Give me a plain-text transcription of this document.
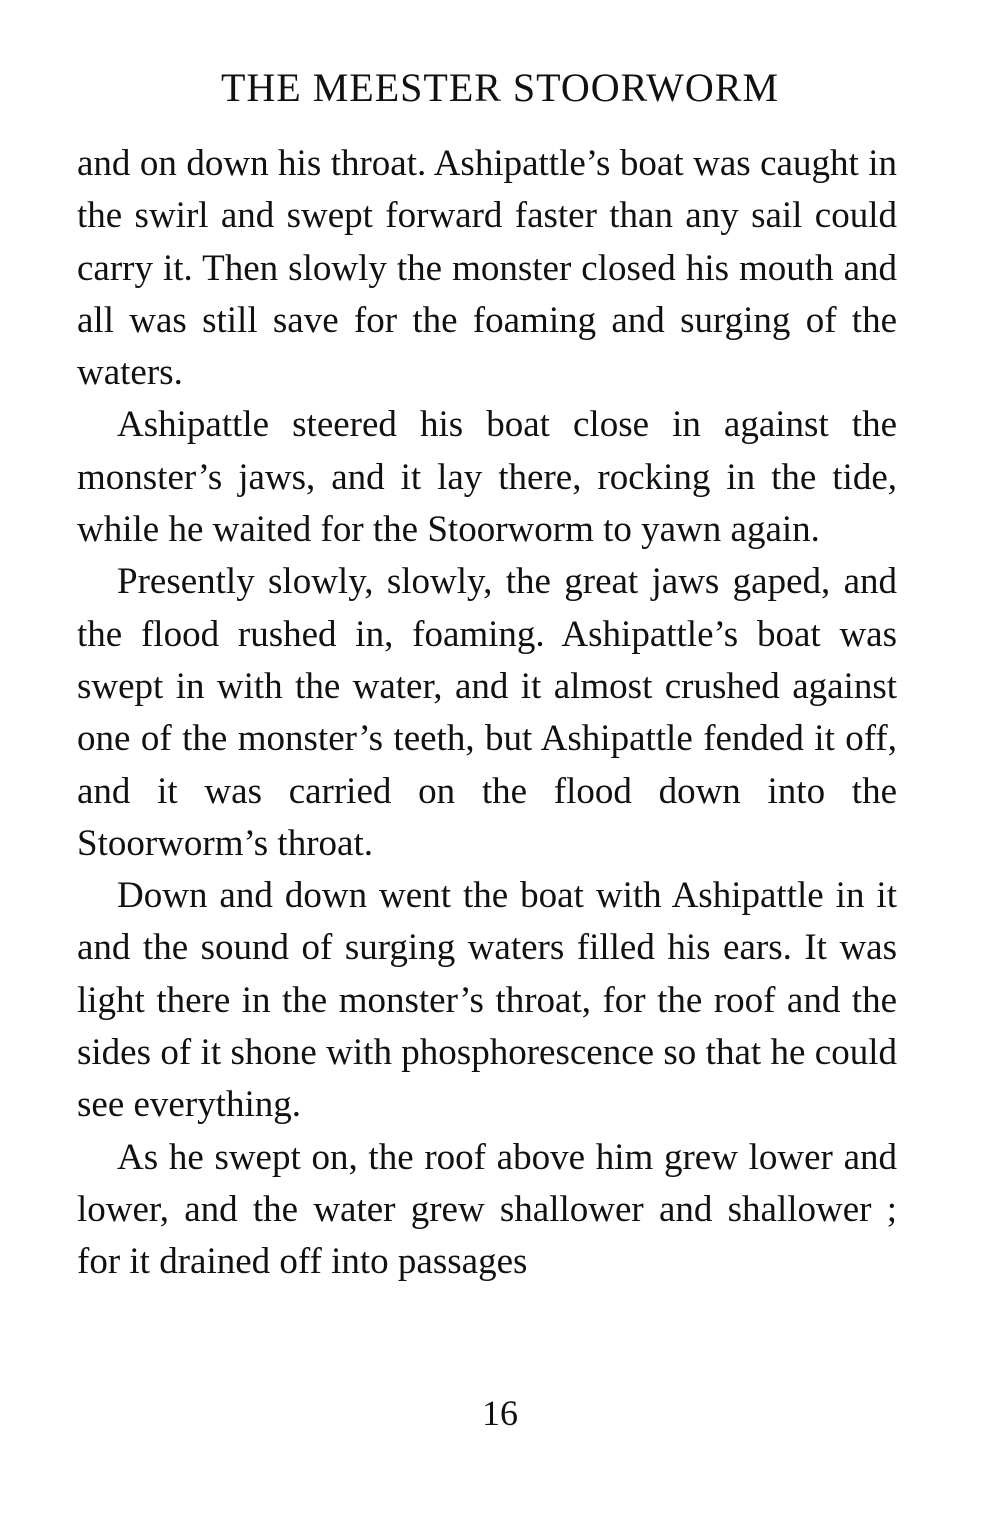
THE MEESTER STOORWORM

and on down his throat. Ashipattle’s boat was caught in the swirl and swept forward faster than any sail could carry it. Then slowly the monster closed his mouth and all was still save for the foaming and surging of the waters.

Ashipattle steered his boat close in against the monster’s jaws, and it lay there, rocking in the tide, while he waited for the Stoorworm to yawn again.

Presently slowly, slowly, the great jaws gaped, and the flood rushed in, foaming. Ashipattle’s boat was swept in with the water, and it almost crushed against one of the monster’s teeth, but Ashipattle fended it off, and it was carried on the flood down into the Stoorworm’s throat.

Down and down went the boat with Ashipattle in it and the sound of surging waters filled his ears. It was light there in the monster’s throat, for the roof and the sides of it shone with phosphorescence so that he could see everything.

As he swept on, the roof above him grew lower and lower, and the water grew shallower and shallower ; for it drained off into passages

16
